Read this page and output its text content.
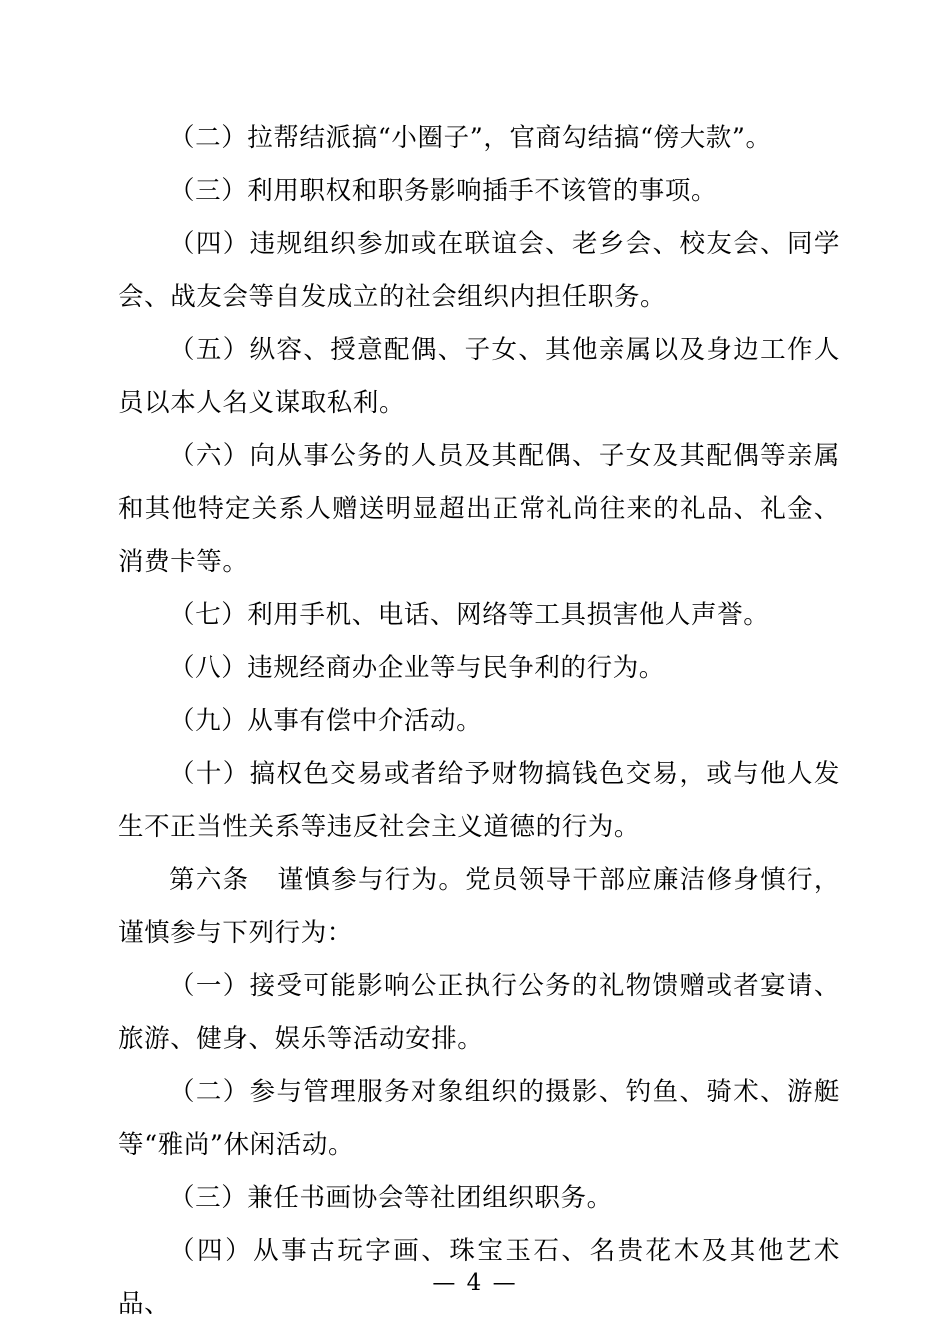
（二）拉帮结派搞“小圈子”，官商勾结搞“傍大款”。

（三）利用职权和职务影响插手不该管的事项。

（四）违规组织参加或在联谊会、老乡会、校友会、同学会、战友会等自发成立的社会组织内担任职务。

（五）纵容、授意配偶、子女、其他亲属以及身边工作人员以本人名义谋取私利。

（六）向从事公务的人员及其配偶、子女及其配偶等亲属和其他特定关系人赠送明显超出正常礼尚往来的礼品、礼金、消费卡等。

（七）利用手机、电话、网络等工具损害他人声誉。

（八）违规经商办企业等与民争利的行为。

（九）从事有偿中介活动。

（十）搞权色交易或者给予财物搞钱色交易，或与他人发生不正当性关系等违反社会主义道德的行为。

第六条 谨慎参与行为。党员领导干部应廉洁修身慎行，谨慎参与下列行为：

（一）接受可能影响公正执行公务的礼物馈赠或者宴请、旅游、健身、娱乐等活动安排。

（二）参与管理服务对象组织的摄影、钓鱼、骑术、游艇等“雅尚”休闲活动。

（三）兼任书画协会等社团组织职务。

（四）从事古玩字画、珠宝玉石、名贵花木及其他艺术品、

— 4 —
